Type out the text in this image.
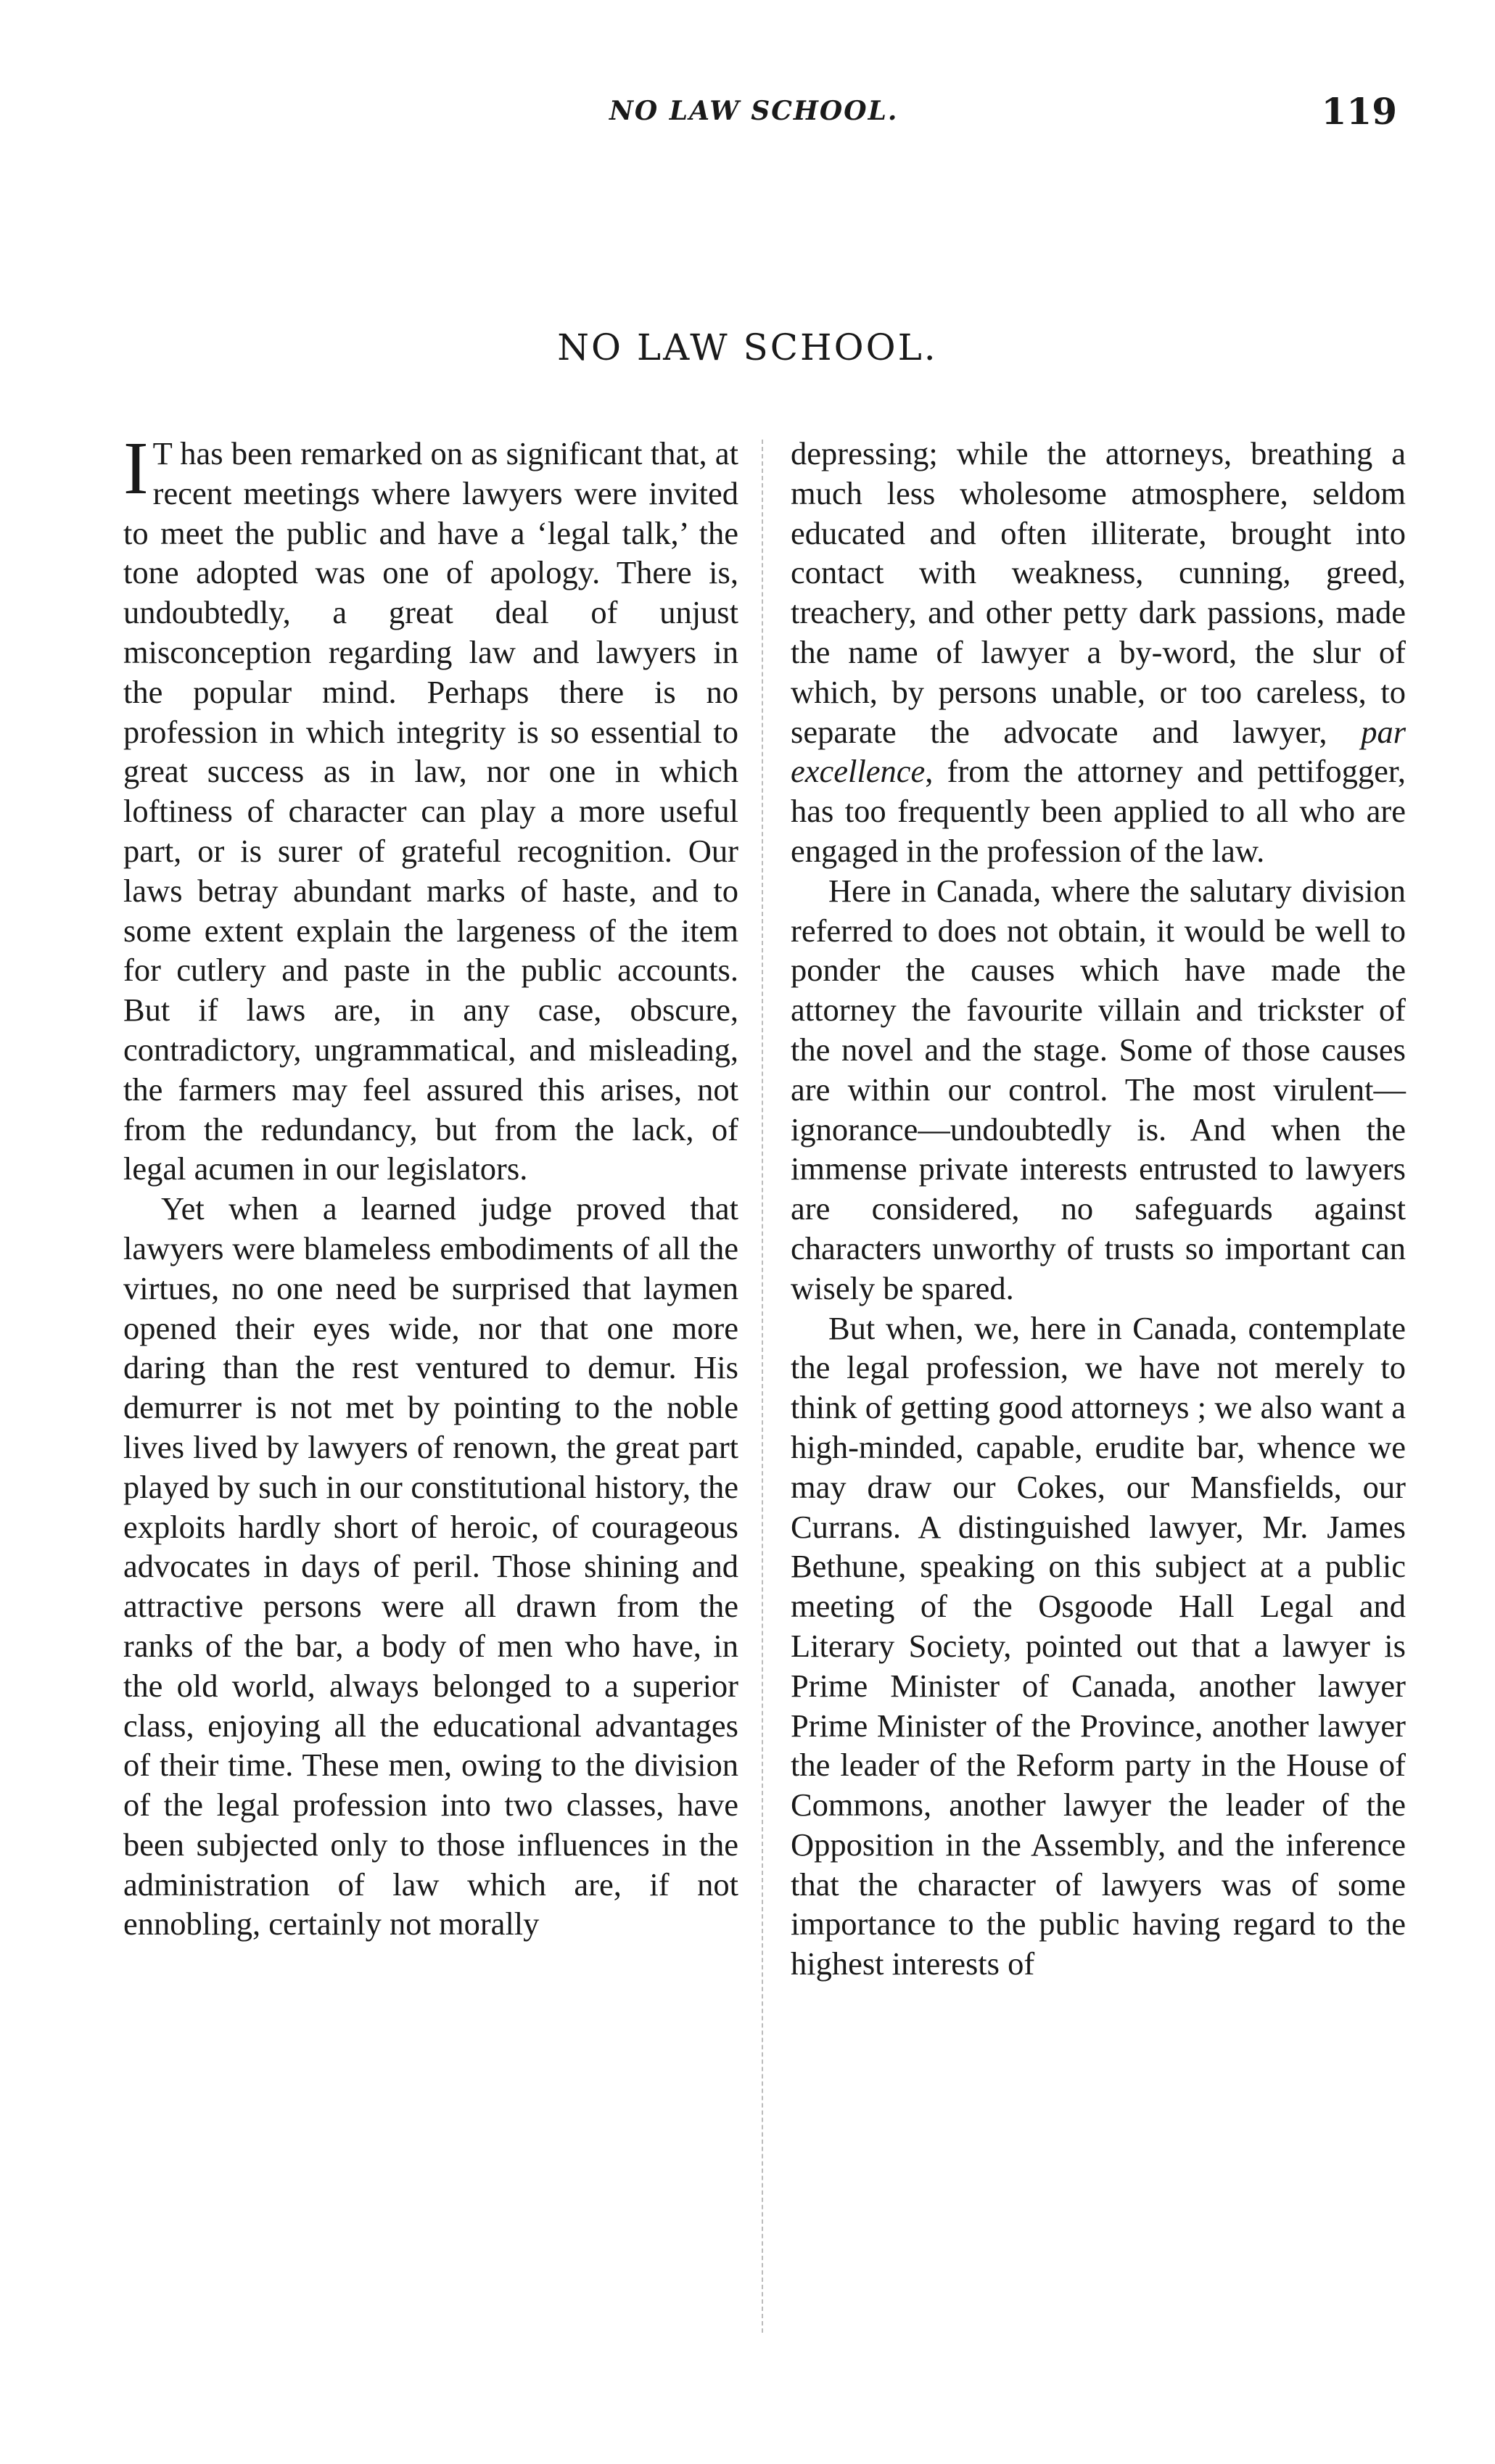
NO LAW SCHOOL.	119
NO LAW SCHOOL.

I T has been remarked on as significant that, at recent meetings where lawyers were invited to meet the public and have a ‘legal talk,’ the tone adopted was one of apology. There is, undoubtedly, a great deal of unjust misconception regarding law and lawyers in the popular mind. Perhaps there is no profession in which integrity is so essential to great success as in law, nor one in which loftiness of character can play a more useful part, or is surer of grateful recognition. Our laws betray abundant marks of haste, and to some extent explain the largeness of the item for cutlery and paste in the public accounts. But if laws are, in any case, obscure, contradictory, ungrammatical, and misleading, the farmers may feel assured this arises, not from the redundancy, but from the lack, of legal acumen in our legislators.

Yet when a learned judge proved that lawyers were blameless embodiments of all the virtues, no one need be surprised that laymen opened their eyes wide, nor that one more daring than the rest ventured to demur. His demurrer is not met by pointing to the noble lives lived by lawyers of renown, the great part played by such in our constitutional history, the exploits hardly short of heroic, of courageous advocates in days of peril. Those shining and attractive persons were all drawn from the ranks of the bar, a body of men who have, in the old world, always belonged to a superior class, enjoying all the educational advantages of their time. These men, owing to the division of the legal profession into two classes, have been subjected only to those influences in the administration of law which are, if not ennobling, certainly not morally

depressing; while the attorneys, breathing a much less wholesome atmosphere, seldom educated and often illiterate, brought into contact with weakness, cunning, greed, treachery, and other petty dark passions, made the name of lawyer a by-word, the slur of which, by persons unable, or too careless, to separate the advocate and lawyer, par excellence, from the attorney and pettifogger, has too frequently been applied to all who are engaged in the profession of the law.

Here in Canada, where the salutary division referred to does not obtain, it would be well to ponder the causes which have made the attorney the favourite villain and trickster of the novel and the stage. Some of those causes are within our control. The most virulent—ignorance—undoubtedly is. And when the immense private interests entrusted to lawyers are considered, no safeguards against characters unworthy of trusts so important can wisely be spared.

But when, we, here in Canada, contemplate the legal profession, we have not merely to think of getting good attorneys ; we also want a high-minded, capable, erudite bar, whence we may draw our Cokes, our Mansfields, our Currans. A distinguished lawyer, Mr. James Bethune, speaking on this subject at a public meeting of the Osgoode Hall Legal and Literary Society, pointed out that a lawyer is Prime Minister of Canada, another lawyer Prime Minister of the Province, another lawyer the leader of the Reform party in the House of Commons, another lawyer the leader of the Opposition in the Assembly, and the inference that the character of lawyers was of some importance to the public having regard to the highest interests of
